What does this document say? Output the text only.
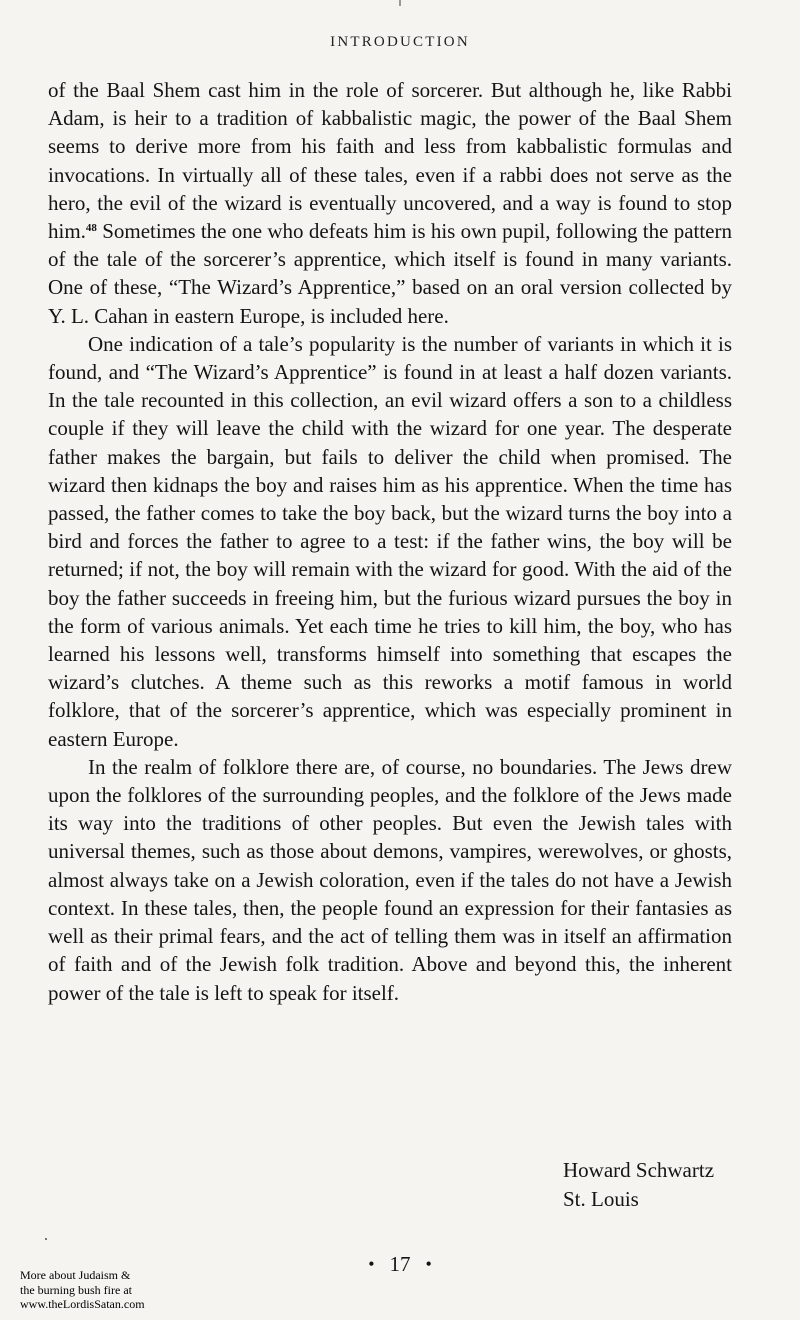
INTRODUCTION

of the Baal Shem cast him in the role of sorcerer. But although he, like Rabbi Adam, is heir to a tradition of kabbalistic magic, the power of the Baal Shem seems to derive more from his faith and less from kabbalistic formulas and invocations. In virtually all of these tales, even if a rabbi does not serve as the hero, the evil of the wizard is eventually uncovered, and a way is found to stop him.$^{48}$ Sometimes the one who defeats him is his own pupil, following the pattern of the tale of the sorcerer’s apprentice, which itself is found in many variants. One of these, “The Wizard’s Apprentice,” based on an oral version collected by Y. L. Cahan in eastern Europe, is included here.

One indication of a tale’s popularity is the number of variants in which it is found, and “The Wizard’s Apprentice” is found in at least a half dozen variants. In the tale recounted in this collection, an evil wizard offers a son to a childless couple if they will leave the child with the wizard for one year. The desperate father makes the bargain, but fails to deliver the child when promised. The wizard then kidnaps the boy and raises him as his apprentice. When the time has passed, the father comes to take the boy back, but the wizard turns the boy into a bird and forces the father to agree to a test: if the father wins, the boy will be returned; if not, the boy will remain with the wizard for good. With the aid of the boy the father succeeds in freeing him, but the furious wizard pursues the boy in the form of various animals. Yet each time he tries to kill him, the boy, who has learned his lessons well, transforms himself into something that escapes the wizard’s clutches. A theme such as this reworks a motif famous in world folklore, that of the sorcerer’s apprentice, which was especially prominent in eastern Europe.

In the realm of folklore there are, of course, no boundaries. The Jews drew upon the folklores of the surrounding peoples, and the folklore of the Jews made its way into the traditions of other peoples. But even the Jewish tales with universal themes, such as those about demons, vampires, werewolves, or ghosts, almost always take on a Jewish coloration, even if the tales do not have a Jewish context. In these tales, then, the people found an expression for their fantasies as well as their primal fears, and the act of telling them was in itself an affirmation of faith and of the Jewish folk tradition. Above and beyond this, the inherent power of the tale is left to speak for itself.

Howard Schwartz
St. Louis
• 17 •
More about Judaism &
the burning bush fire at
www.theLordisSatan.com
